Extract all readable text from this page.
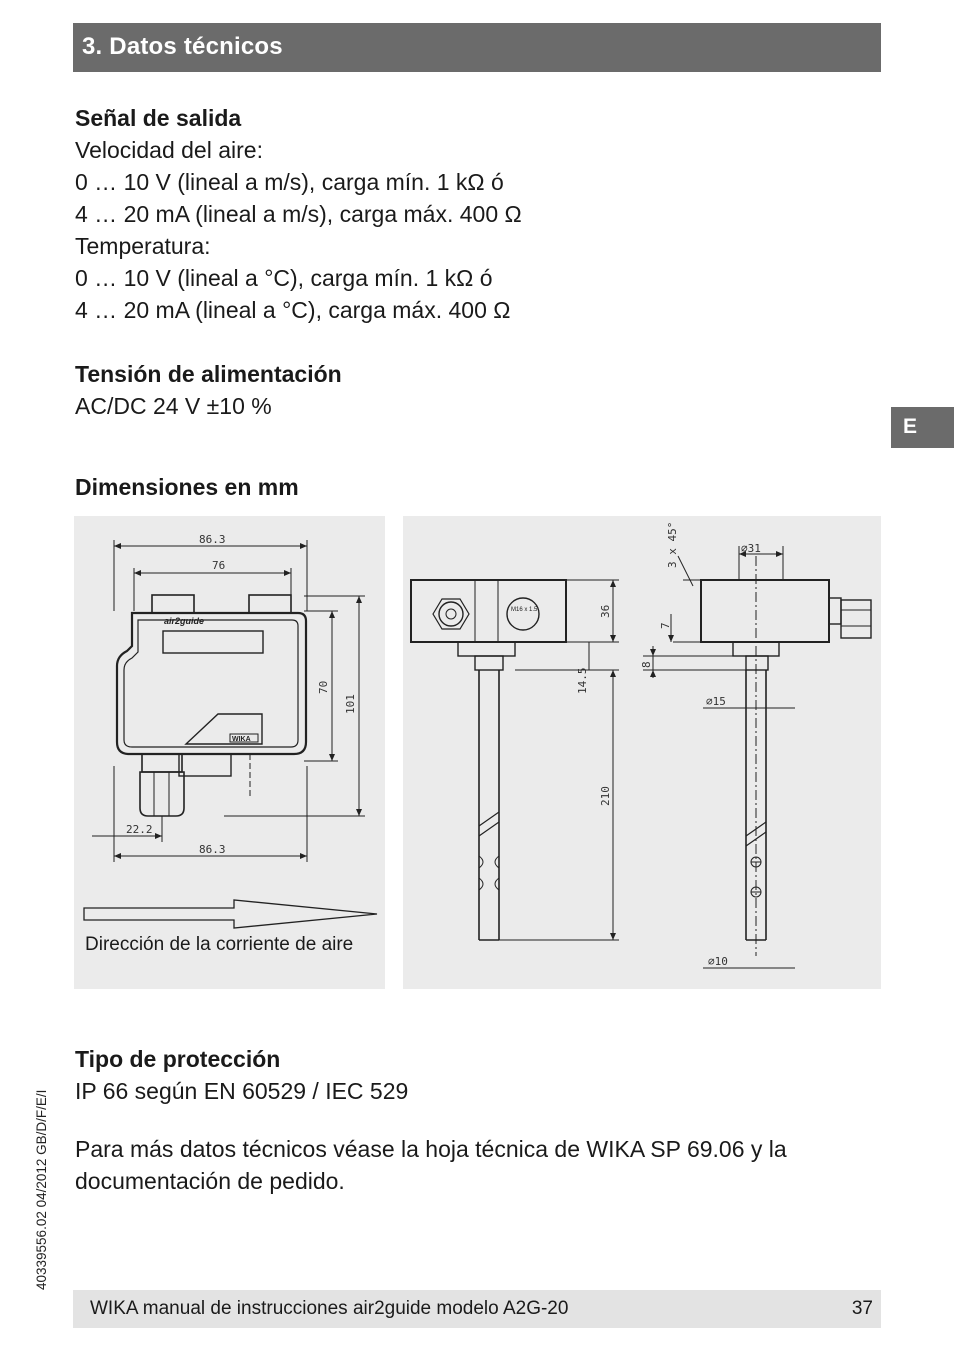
3. Datos técnicos
E
Señal de salida
Velocidad del aire:
0 … 10 V (lineal a m/s), carga mín. 1 kΩ ó
4 … 20 mA (lineal a m/s), carga máx. 400 Ω
Temperatura:
0 … 10 V (lineal a °C), carga mín. 1 kΩ ó
4 … 20 mA (lineal a °C), carga máx. 400 Ω
Tensión de alimentación
AC/DC 24 V ±10 %
Dimensiones en mm
86.3
76
70
101
22.2
86.3
air2guide
WIKA
Dirección de la corriente de aire
M16 x 1.5	36
14.5
210
3 x 45°	⌀31
7
8
⌀15
⌀10
Tipo de protección
IP 66 según EN 60529 / IEC 529
Para más datos técnicos véase la hoja técnica de WIKA SP 69.06 y la
documentación de pedido.
40339556.02 04/2012 GB/D/F/E/I
WIKA manual de instrucciones air2guide modelo A2G-20	37
